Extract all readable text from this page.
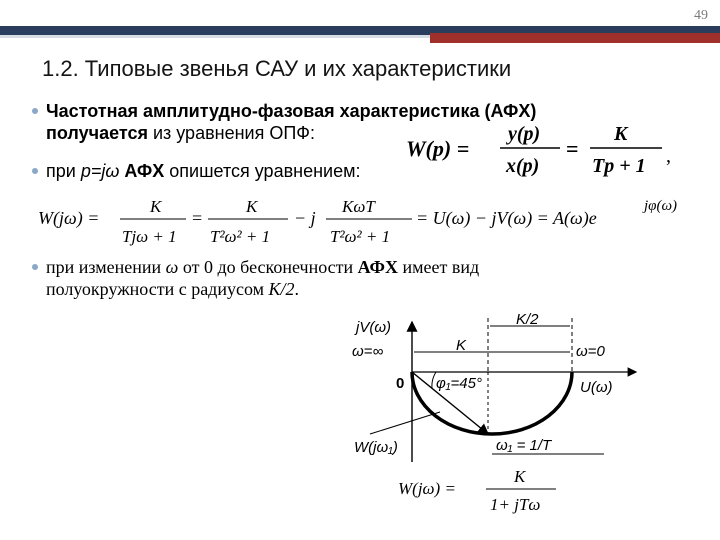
49
1.2. Типовые звенья САУ и их характеристики
Частотная амплитудно-фазовая характеристика (АФХ)
получается из уравнения ОПФ:
при p=jω АФХ опишется уравнением:
W(p) =
y(p)
x(p)
=
K
Tp + 1 ,
W(jω) =
K
Tjω + 1
=
K
T²ω² + 1
− j
KωT
T²ω² + 1
= U(ω) − jV(ω) = A(ω)e
jφ(ω)
при изменении ω от 0 до бесконечности АФХ имеет вид
полуокружности с радиусом K/2.
jV(ω)
U(ω)
K/2
K
ω=∞	ω=0
0 φ₁=45°
W(jω₁)	ω₁ = 1/T
W(jω) =
K
1+ jTω
